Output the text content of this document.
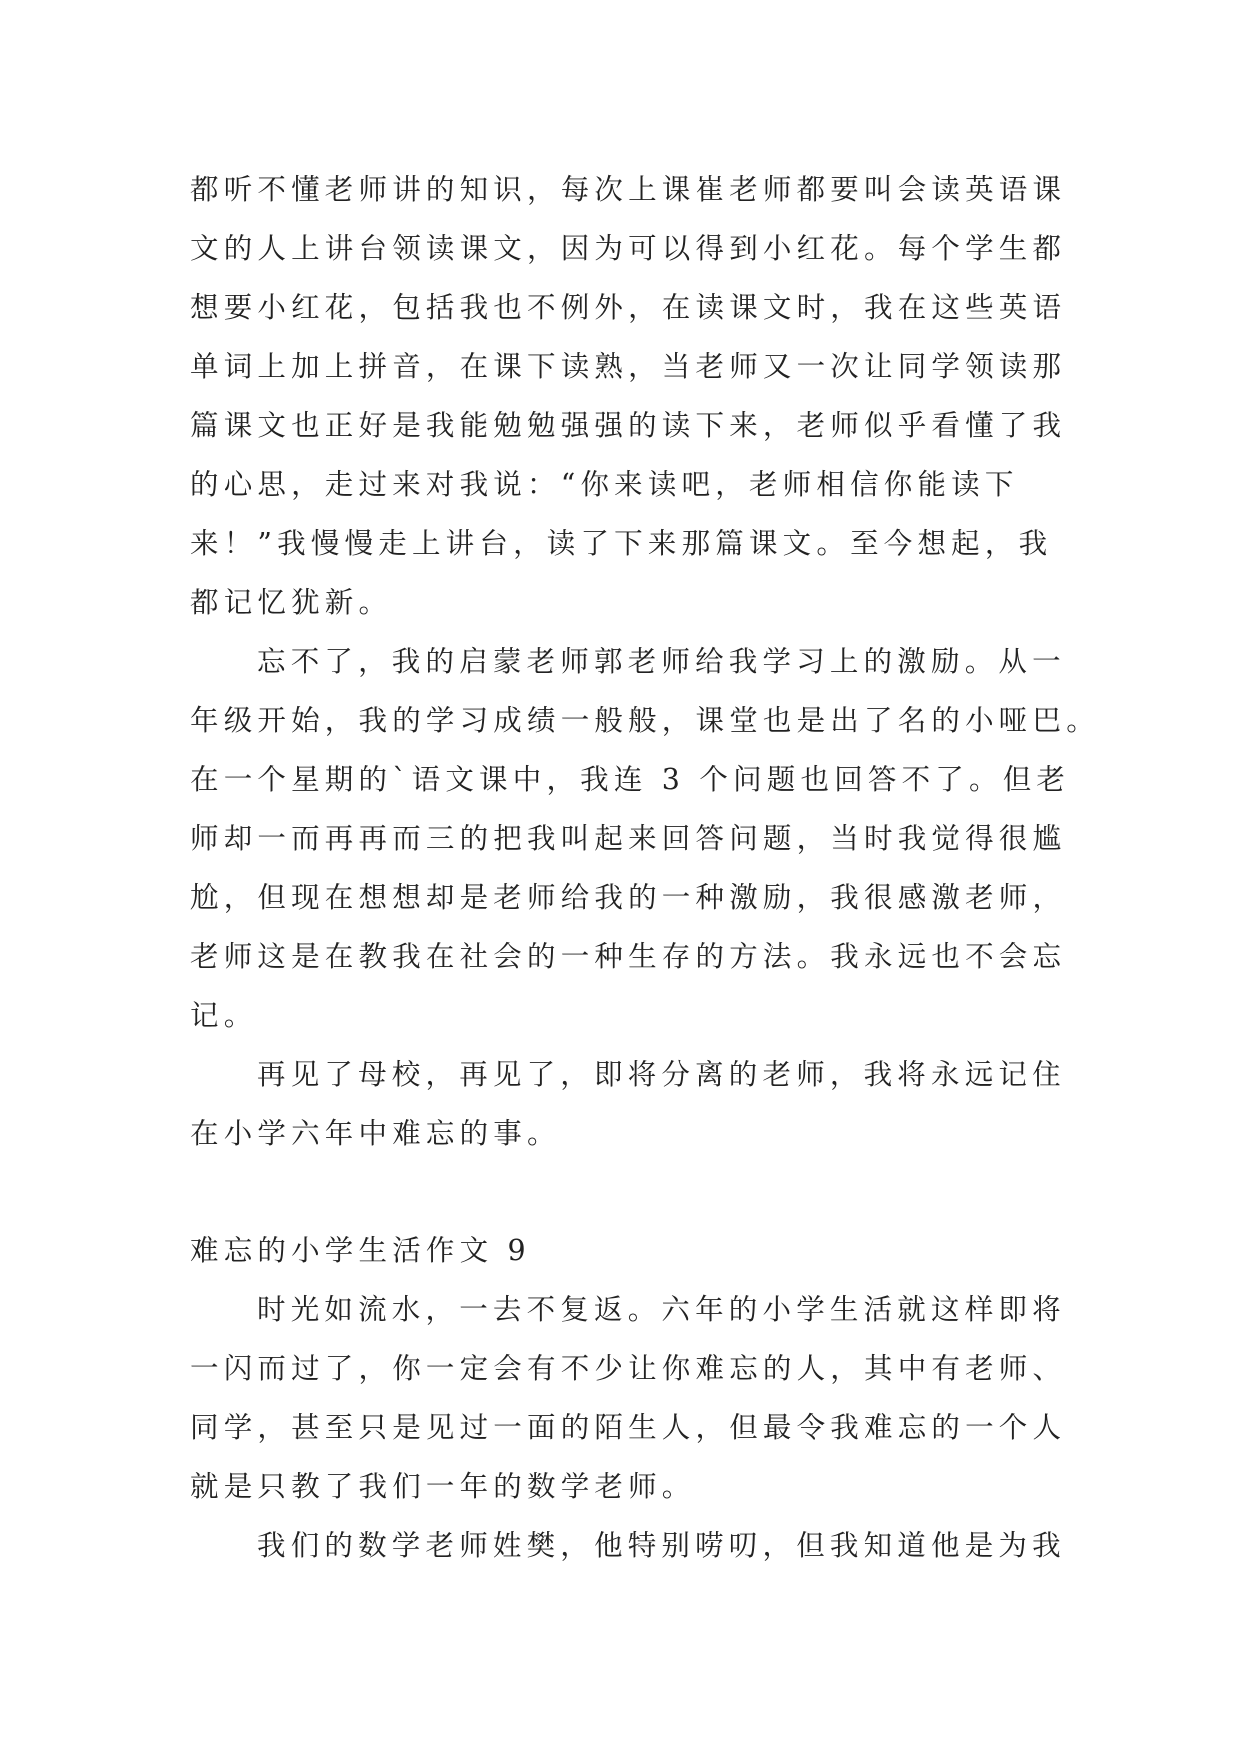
都听不懂老师讲的知识，每次上课崔老师都要叫会读英语课
文的人上讲台领读课文，因为可以得到小红花。每个学生都
想要小红花，包括我也不例外，在读课文时，我在这些英语
单词上加上拼音，在课下读熟，当老师又一次让同学领读那
篇课文也正好是我能勉勉强强的读下来，老师似乎看懂了我
的心思，走过来对我说：“你来读吧，老师相信你能读下
来！”我慢慢走上讲台，读了下来那篇课文。至今想起，我
都记忆犹新。
忘不了，我的启蒙老师郭老师给我学习上的激励。从一
年级开始，我的学习成绩一般般，课堂也是出了名的小哑巴。
在一个星期的`语文课中，我连 3 个问题也回答不了。但老
师却一而再再而三的把我叫起来回答问题，当时我觉得很尴
尬，但现在想想却是老师给我的一种激励，我很感激老师，
老师这是在教我在社会的一种生存的方法。我永远也不会忘
记。
再见了母校，再见了，即将分离的老师，我将永远记住
在小学六年中难忘的事。
难忘的小学生活作文 9
时光如流水，一去不复返。六年的小学生活就这样即将
一闪而过了，你一定会有不少让你难忘的人，其中有老师、
同学，甚至只是见过一面的陌生人，但最令我难忘的一个人
就是只教了我们一年的数学老师。
我们的数学老师姓樊，他特别唠叨，但我知道他是为我
